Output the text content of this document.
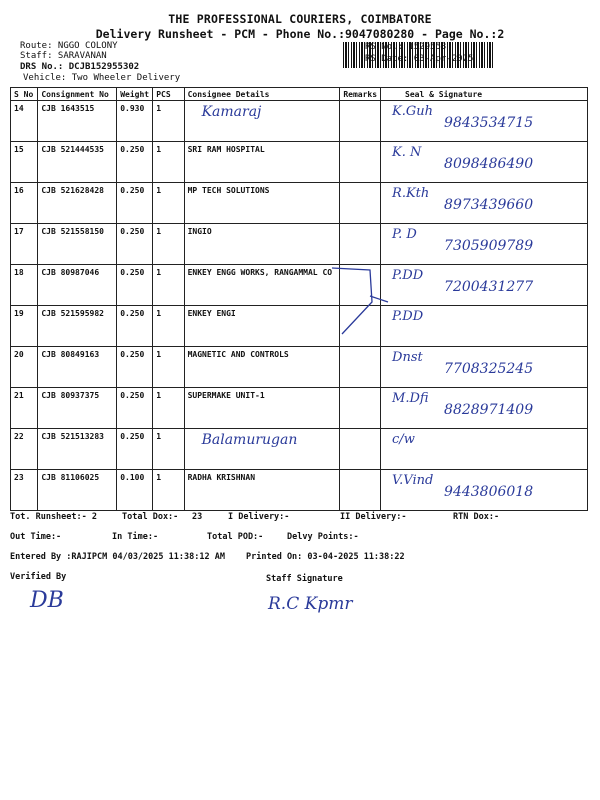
THE PROFESSIONAL COURIERS, COIMBATORE
Delivery Runsheet - PCM - Phone No.:9047080280 - Page No.:2
Route: NGGO COLONY
Staff: SARAVANAN
DRS No.: DCJB152955302
Vehicle: Two Wheeler Delivery
RS No.: 1529553
RS Date: 03-Apr-2025
S No	Consignment No	Weight	PCS	Consignee Details	Remarks	Seal & Signature
14	CJB 1643515	0.930	1	Kamaraj		K.Guh
9843534715

15	CJB 521444535	0.250	1	SRI RAM HOSPITAL		K. N
8098486490

16	CJB 521628428	0.250	1	MP TECH SOLUTIONS		R.Kth
8973439660

17	CJB 521558150	0.250	1	INGIO		P. D
7305909789

18	CJB 80987046	0.250	1	ENKEY ENGG WORKS, RANGAMMAL CO		P.DD
7200431277

19	CJB 521595982	0.250	1	ENKEY ENGI		P.DD

20	CJB 80849163	0.250	1	MAGNETIC AND CONTROLS		Dnst
7708325245

21	CJB 80937375	0.250	1	SUPERMAKE UNIT-1		M.Dfi
8828971409

22	CJB 521513283	0.250	1	Balamurugan		c/w

23	CJB 81106025	0.100	1	RADHA KRISHNAN		V.Vind
9443806018
Tot. Runsheet:- 2	Total Dox:- 23	I Delivery:-	II Delivery:-	RTN Dox:-
Out Time:-	In Time:-	Total POD:-	Delvy Points:-
Entered By :RAJIPCM 04/03/2025 11:38:12 AM Printed On: 03-04-2025 11:38:22
Verified By	Staff Signature
DB	R.C Kpmr
